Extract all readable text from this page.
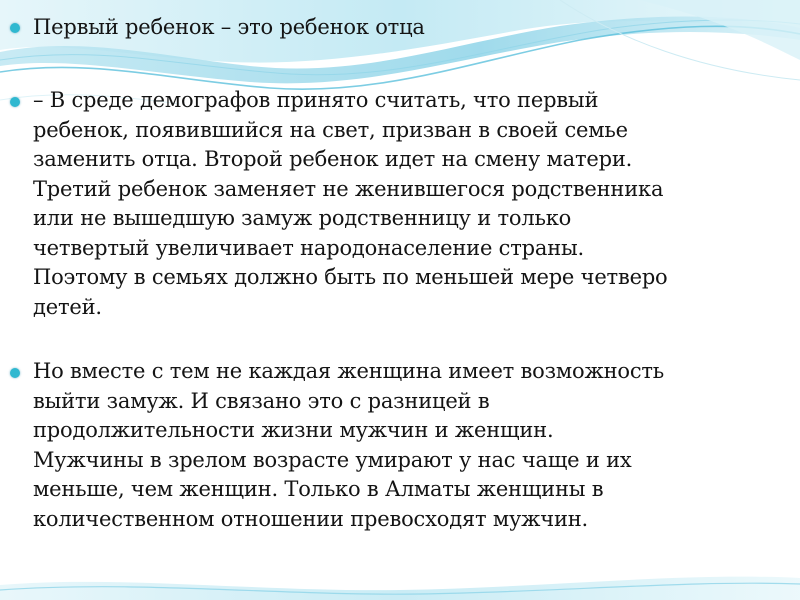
Первый ребенок – это ребенок отца
– В среде демографов принято считать, что первый
ребенок, появившийся на свет, призван в своей семье
заменить отца. Второй ребенок идет на смену матери.
Третий ребенок заменяет не женившегося родственника
или не вышедшую замуж родственницу и только
четвертый увеличивает народонаселение страны.
Поэтому в семьях должно быть по меньшей мере четверо
детей.
Но вместе с тем не каждая женщина имеет возможность
выйти замуж. И связано это с разницей в
продолжительности жизни мужчин и женщин.
Мужчины в зрелом возрасте умирают у нас чаще и их
меньше, чем женщин. Только в Алматы женщины в
количественном отношении превосходят мужчин.
